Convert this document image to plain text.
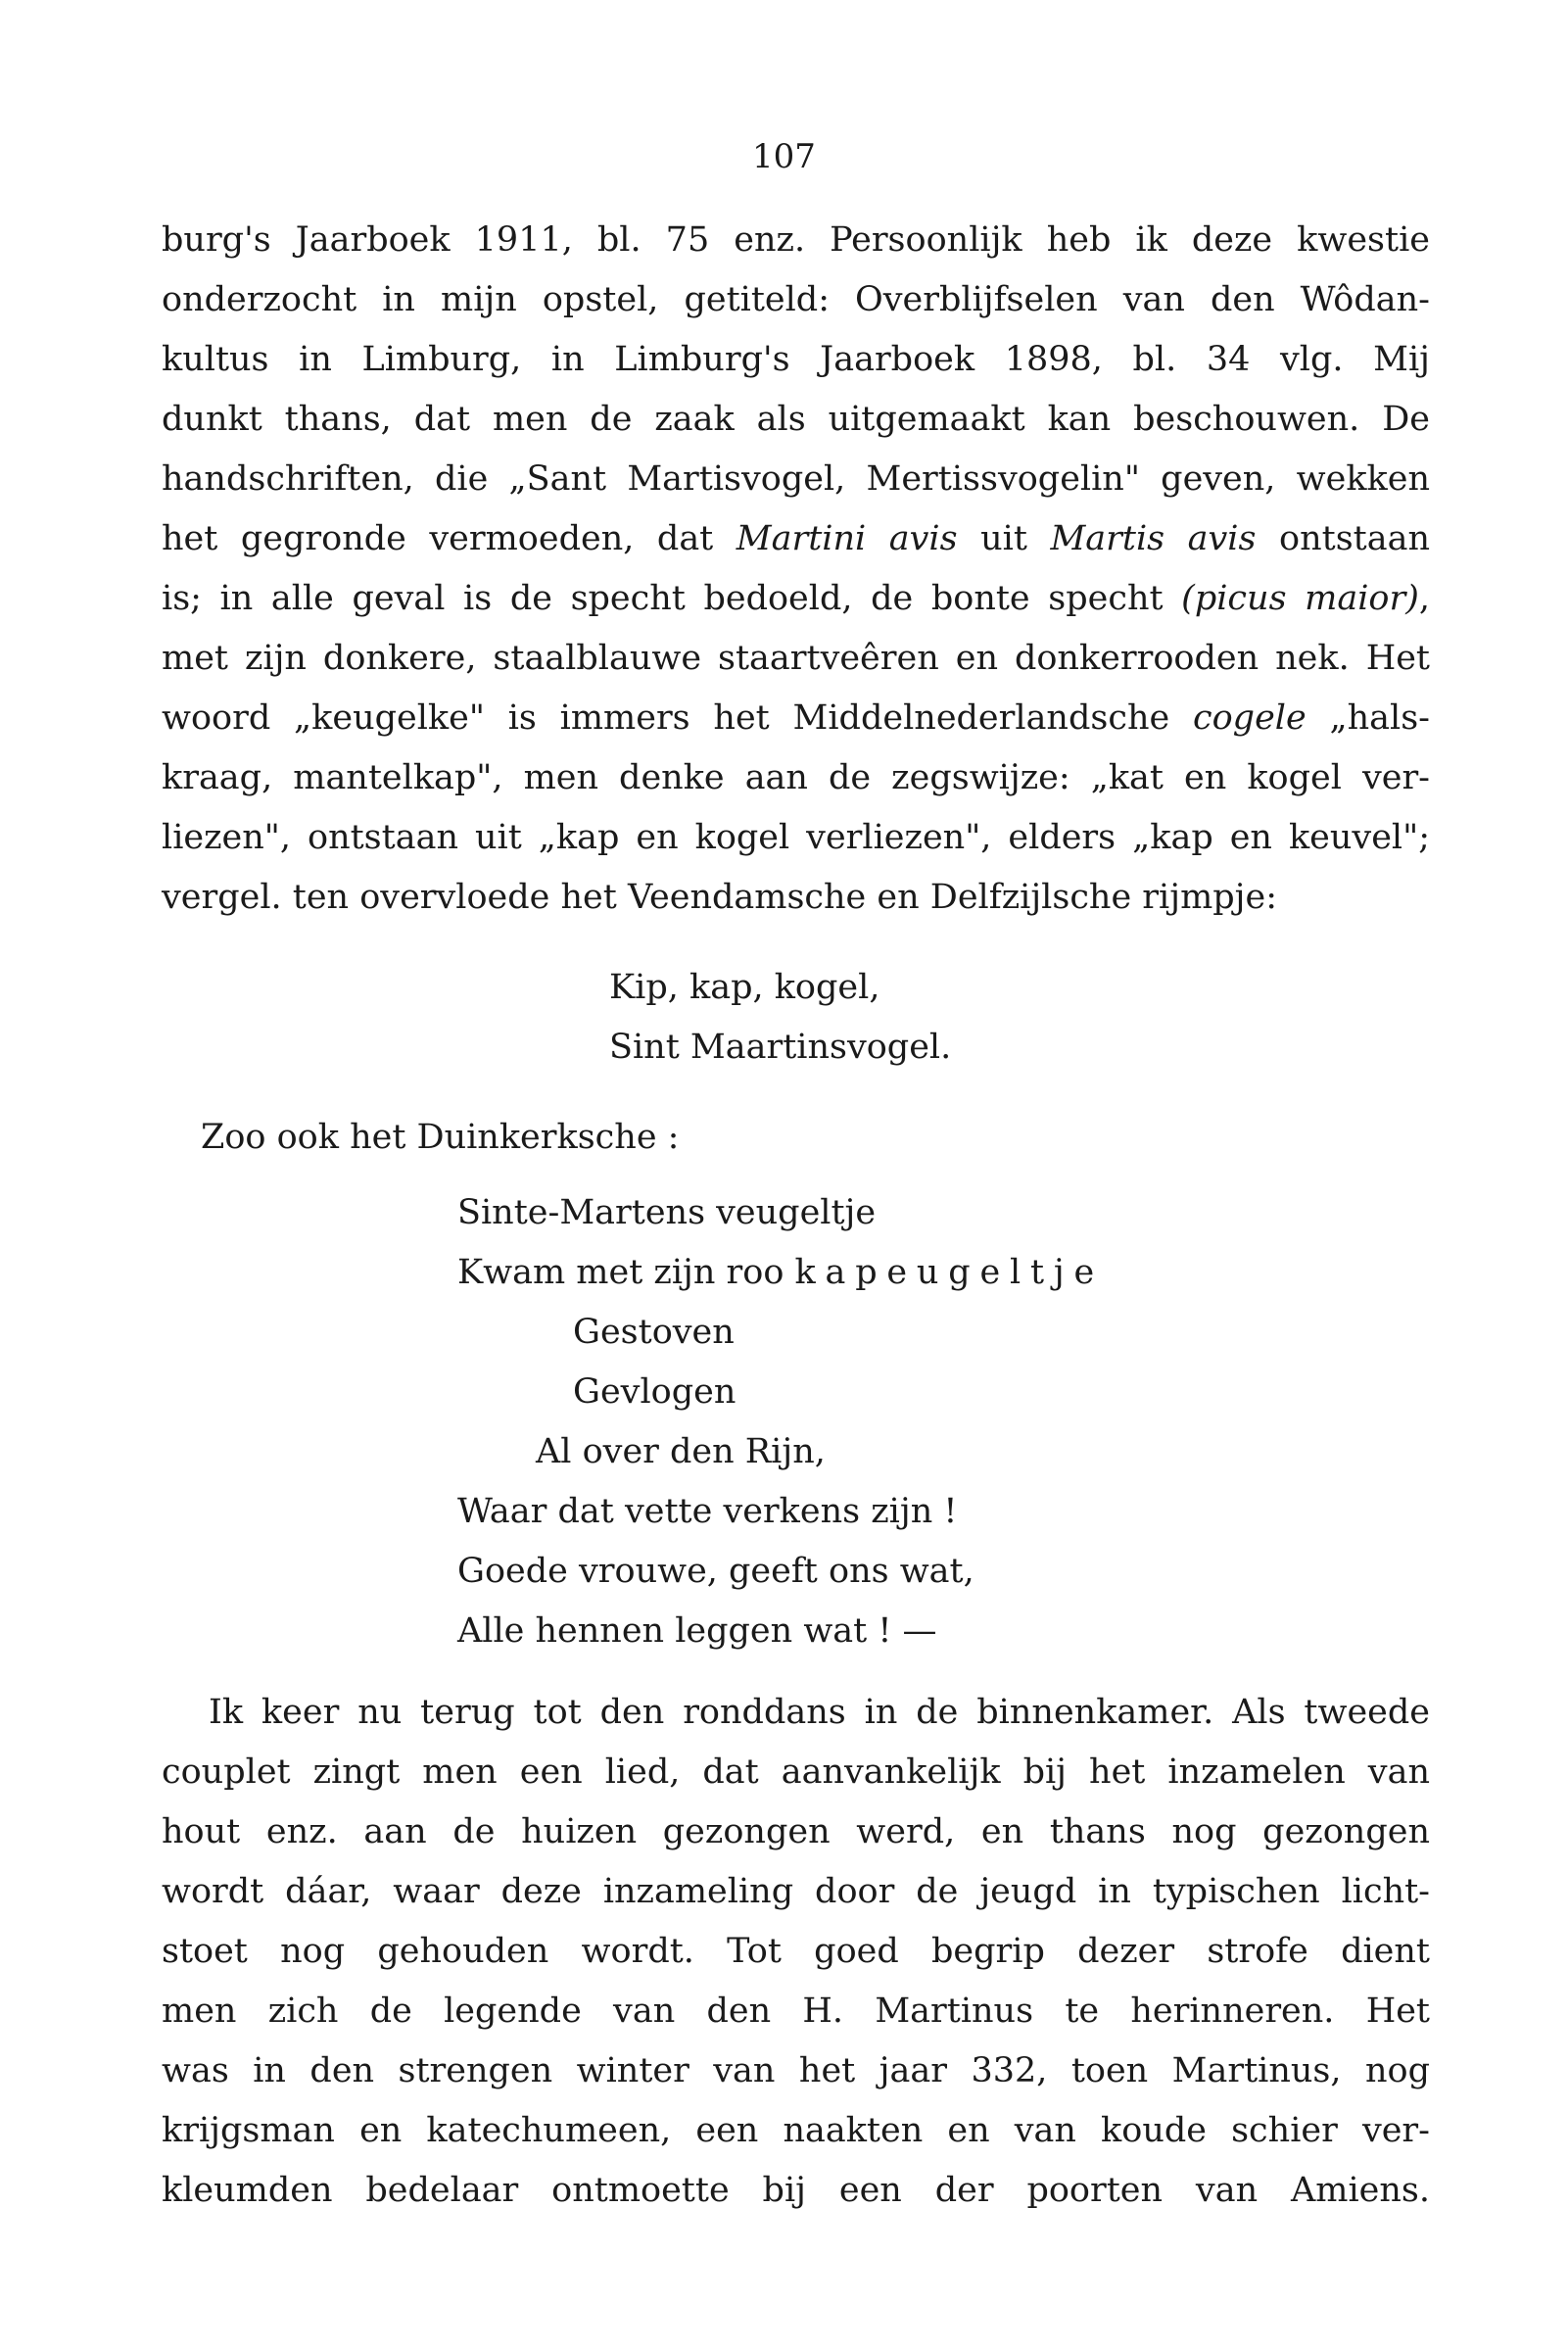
107
burg's Jaarboek 1911, bl. 75 enz. Persoonlijk heb ik deze kwestie
onderzocht in mijn opstel, getiteld: Overblijfselen van den Wôdan-
kultus in Limburg, in Limburg's Jaarboek 1898, bl. 34 vlg. Mij
dunkt thans, dat men de zaak als uitgemaakt kan beschouwen. De
handschriften, die „Sant Martisvogel, Mertissvogelin" geven, wekken
het gegronde vermoeden, dat Martini avis uit Martis avis ontstaan
is; in alle geval is de specht bedoeld, de bonte specht (picus maior),
met zijn donkere, staalblauwe staartveêren en donkerrooden nek. Het
woord „keugelke" is immers het Middelnederlandsche cogele „hals-
kraag, mantelkap", men denke aan de zegswijze: „kat en kogel ver-
liezen", ontstaan uit „kap en kogel verliezen", elders „kap en keuvel";
vergel. ten overvloede het Veendamsche en Delfzijlsche rijmpje:
Kip, kap, kogel,
Sint Maartinsvogel.
Zoo ook het Duinkerksche :
Sinte-Martens veugeltje
Kwam met zijn roo kapeugeltje
Gestoven
Gevlogen
Al over den Rijn,
Waar dat vette verkens zijn !
Goede vrouwe, geeft ons wat,
Alle hennen leggen wat ! —
Ik keer nu terug tot den ronddans in de binnenkamer. Als tweede
couplet zingt men een lied, dat aanvankelijk bij het inzamelen van
hout enz. aan de huizen gezongen werd, en thans nog gezongen
wordt dáar, waar deze inzameling door de jeugd in typischen licht-
stoet nog gehouden wordt. Tot goed begrip dezer strofe dient
men zich de legende van den H. Martinus te herinneren. Het
was in den strengen winter van het jaar 332, toen Martinus, nog
krijgsman en katechumeen, een naakten en van koude schier ver-
kleumden bedelaar ontmoette bij een der poorten van Amiens.
